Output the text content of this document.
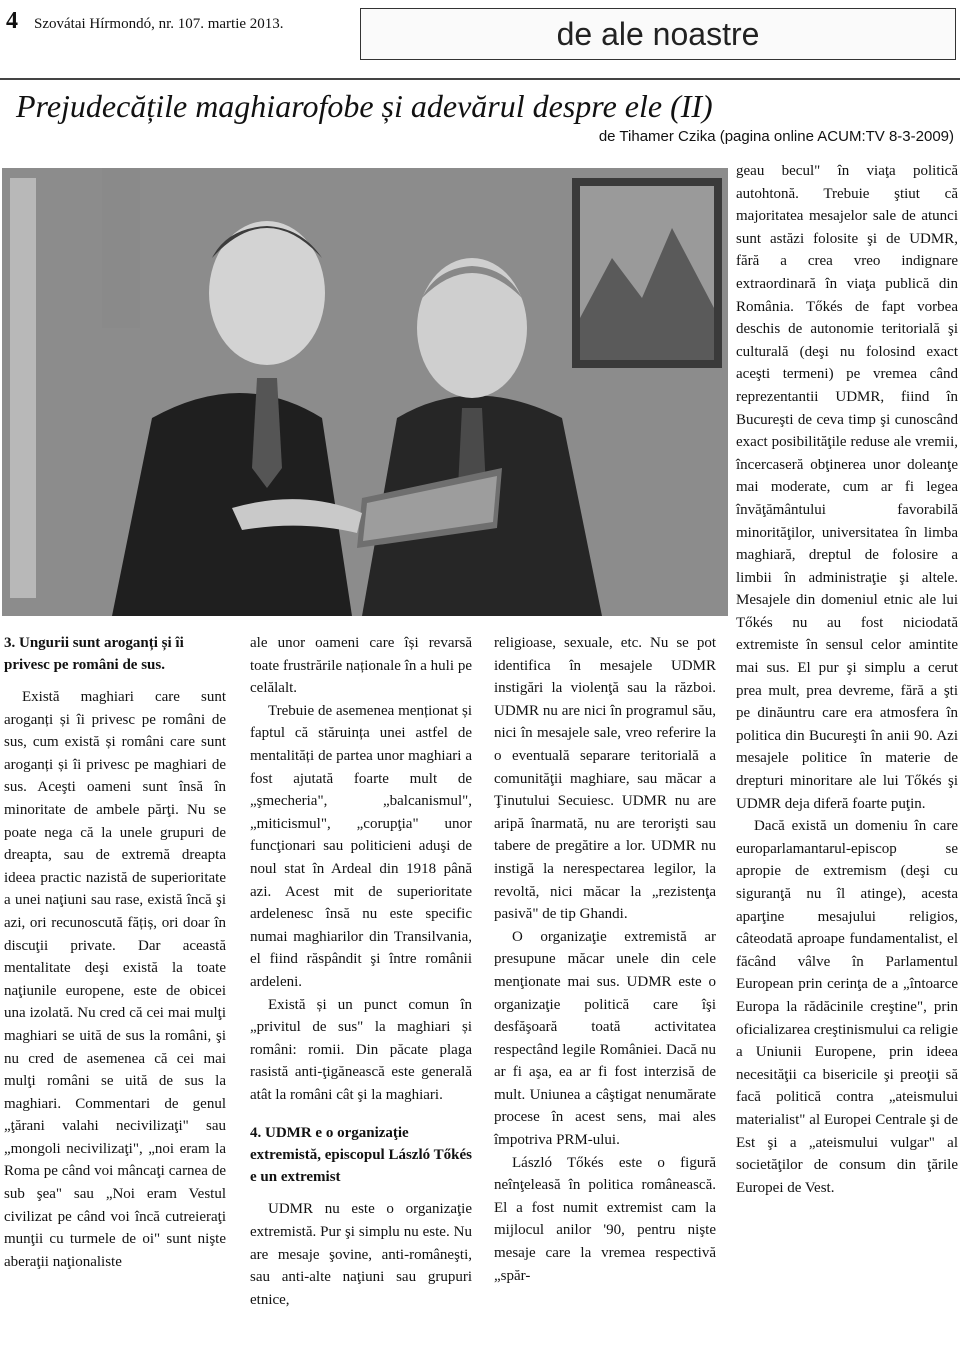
4 Szovátai Hírmondó, nr. 107. martie 2013.	de ale noastre
Prejudecățile maghiarofobe și adevărul despre ele (II)
de Tihamer Czika (pagina online ACUM:TV 8-3-2009)
3. Ungurii sunt aroganți și îi privesc pe români de sus.

Există maghiari care sunt aroganți și îi privesc pe români de sus, cum există și români care sunt aroganți și îi privesc pe maghiari de sus. Aceşti oameni sunt însă în minoritate de ambele părţi. Nu se poate nega că la unele grupuri de dreapta, sau de extremă dreapta ideea practic nazistă de superioritate a unei naţiuni sau rase, există încă şi azi, ori recunoscută fățiș, ori doar în discuţii private. Dar această mentalitate deşi există la toate naţiunile europene, este de obicei una izolată. Nu cred că cei mai mulţi maghiari se uită de sus la români, şi nu cred de asemenea că cei mai mulţi români se uită de sus la maghiari. Commentari de genul „ţărani valahi necivilizaţi" sau „mongoli necivilizaţi", „noi eram la Roma pe când voi mâncaţi carnea de sub şea" sau „Noi eram Vestul civilizat pe când voi încă cutreieraţi munţii cu turmele de oi" sunt nişte aberaţii naţionaliste

ale unor oameni care își revarsă toate frustrările naționale în a huli pe celălalt.

Trebuie de asemenea menționat și faptul că stăruința unei astfel de mentalități de partea unor maghiari a fost ajutată foarte mult de „şmecheria", „balcanismul", „miticismul", „corupţia" unor funcţionari sau politicieni aduşi de noul stat în Ardeal din 1918 până azi. Acest mit de superioritate ardelenesc însă nu este specific numai maghiarilor din Transilvania, el fiind răspândit şi între românii ardeleni.

Există și un punct comun în „privitul de sus" la maghiari și români: romii. Din păcate plaga rasistă anti-ţigănească este generală atât la români cât şi la maghiari.

4. UDMR e o organizaţie extremistă, episcopul László Tőkés e un extremist

UDMR nu este o organizaţie extremistă. Pur şi simplu nu este. Nu are mesaje şovine, anti-româneşti, sau anti-alte naţiuni sau grupuri etnice,

religioase, sexuale, etc. Nu se pot identifica în mesajele UDMR instigări la violenţă sau la război. UDMR nu are nici în programul său, nici în mesajele sale, vreo referire la o eventuală separare teritorială a comunităţii maghiare, sau măcar a Ţinutului Secuiesc. UDMR nu are aripă înarmată, nu are terorişti sau tabere de pregătire a lor. UDMR nu instigă la nerespectarea legilor, la revoltă, nici măcar la „rezistenţa pasivă" de tip Ghandi.

O organizaţie extremistă ar presupune măcar unele din cele menţionate mai sus. UDMR este o organizaţie politică care îşi desfăşoară toată activitatea respectând legile României. Dacă nu ar fi aşa, ea ar fi fost interzisă de mult. Uniunea a câştigat nenumărate procese în acest sens, mai ales împotriva PRM-ului.

László Tőkés este o figură neînţeleasă în politica românească. El a fost numit extremist cam la mijlocul anilor '90, pentru nişte mesaje care la vremea respectivă „spăr-

geau becul" în viaţa politică autohtonă. Trebuie ştiut că majoritatea mesajelor sale de atunci sunt astăzi folosite şi de UDMR, fără a crea vreo indignare extraordinară în viaţa publică din România. Tőkés de fapt vorbea deschis de autonomie teritorială şi culturală (deşi nu folosind exact aceşti termeni) pe vremea când reprezentantii UDMR, fiind în Bucureşti de ceva timp şi cunoscând exact posibilităţile reduse ale vremii, încercaseră obţinerea unor doleanţe mai moderate, cum ar fi legea învăţământului favorabilă minorităţilor, universitatea în limba maghiară, dreptul de folosire a limbii în administraţie şi altele. Mesajele din domeniul etnic ale lui Tőkés nu au fost niciodată extremiste în sensul celor amintite mai sus. El pur şi simplu a cerut prea mult, prea devreme, fără a şti pe dinăuntru care era atmosfera în politica din Bucureşti în anii 90. Azi mesajele politice în materie de drepturi minoritare ale lui Tőkés şi UDMR deja diferă foarte puţin.

Dacă există un domeniu în care europarlamantarul-episcop se apropie de extremism (deşi cu siguranţă nu îl atinge), acesta aparţine mesajului religios, câteodată aproape fundamentalist, el făcând vâlve în Parlamentul European prin cerinţa de a „întoarce Europa la rădăcinile creştine", prin oficializarea creştinismului ca religie a Uniunii Europene, prin ideea necesităţii ca bisericile şi preoţii să facă politică contra „ateismului materialist" al Europei Centrale şi de Est şi a „ateismului vulgar" al societăţilor de consum din ţările Europei de Vest.
